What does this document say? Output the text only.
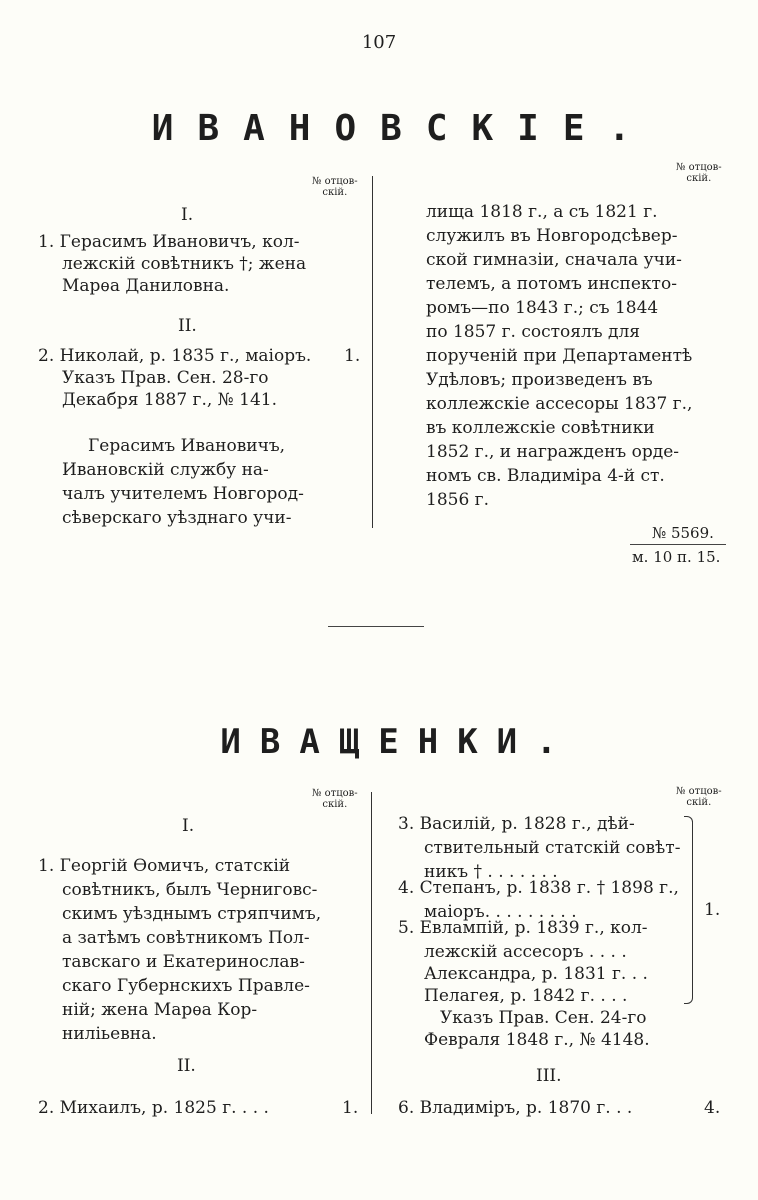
107
ИВАНОВСКІЕ.
№ отцов-
скій.
№ отцов-
скій.
I.
1. Герасимъ Ивановичъ, кол-
лежскій совѣтникъ †; жена
Марѳа Даниловна.
II.
2. Николай, р. 1835 г., маіоръ.
Указъ Прав. Сен. 28-го
Декабря 1887 г., № 141.
1.
Герасимъ Ивановичъ,
Ивановскій службу на-
чалъ учителемъ Новгород-
сѣверскаго уѣзднаго учи-
лища 1818 г., а съ 1821 г.
служилъ въ Новгородсѣвер-
ской гимназіи, сначала учи-
телемъ, а потомъ инспекто-
ромъ—по 1843 г.; съ 1844
по 1857 г. состоялъ для
порученій при Департаментѣ
Удѣловъ; произведенъ въ
коллежскіе ассесоры 1837 г.,
въ коллежскіе совѣтники
1852 г., и награжденъ орде-
номъ св. Владиміра 4-й ст.
1856 г.
№ 5569.
м. 10 п. 15.
ИВАЩЕНКИ.
№ отцов-
скій.
№ отцов-
скій.
I.
1. Георгій Ѳомичъ, статскій
совѣтникъ, былъ Черниговс-
скимъ уѣзднымъ стряпчимъ,
а затѣмъ совѣтникомъ Пол-
тавскаго и Екатеринослав-
скаго Губернскихъ Правле-
ній; жена Марѳа Кор-
ниліьевна.
II.
2. Михаилъ, р. 1825 г. . . .	1.
3. Василій, р. 1828 г., дѣй-
ствительный статскій совѣт-
никъ † . . . . . . .
4. Степанъ, р. 1838 г. † 1898 г.,
маіоръ. . . . . . . . .
5. Евлампій, р. 1839 г., кол-
лежскій ассесоръ . . . .
Александра, р. 1831 г. . .
Пелагея, р. 1842 г. . . .
1.
Указъ Прав. Сен. 24-го
Февраля 1848 г., № 4148.
III.
6. Владиміръ, р. 1870 г. . .	4.
